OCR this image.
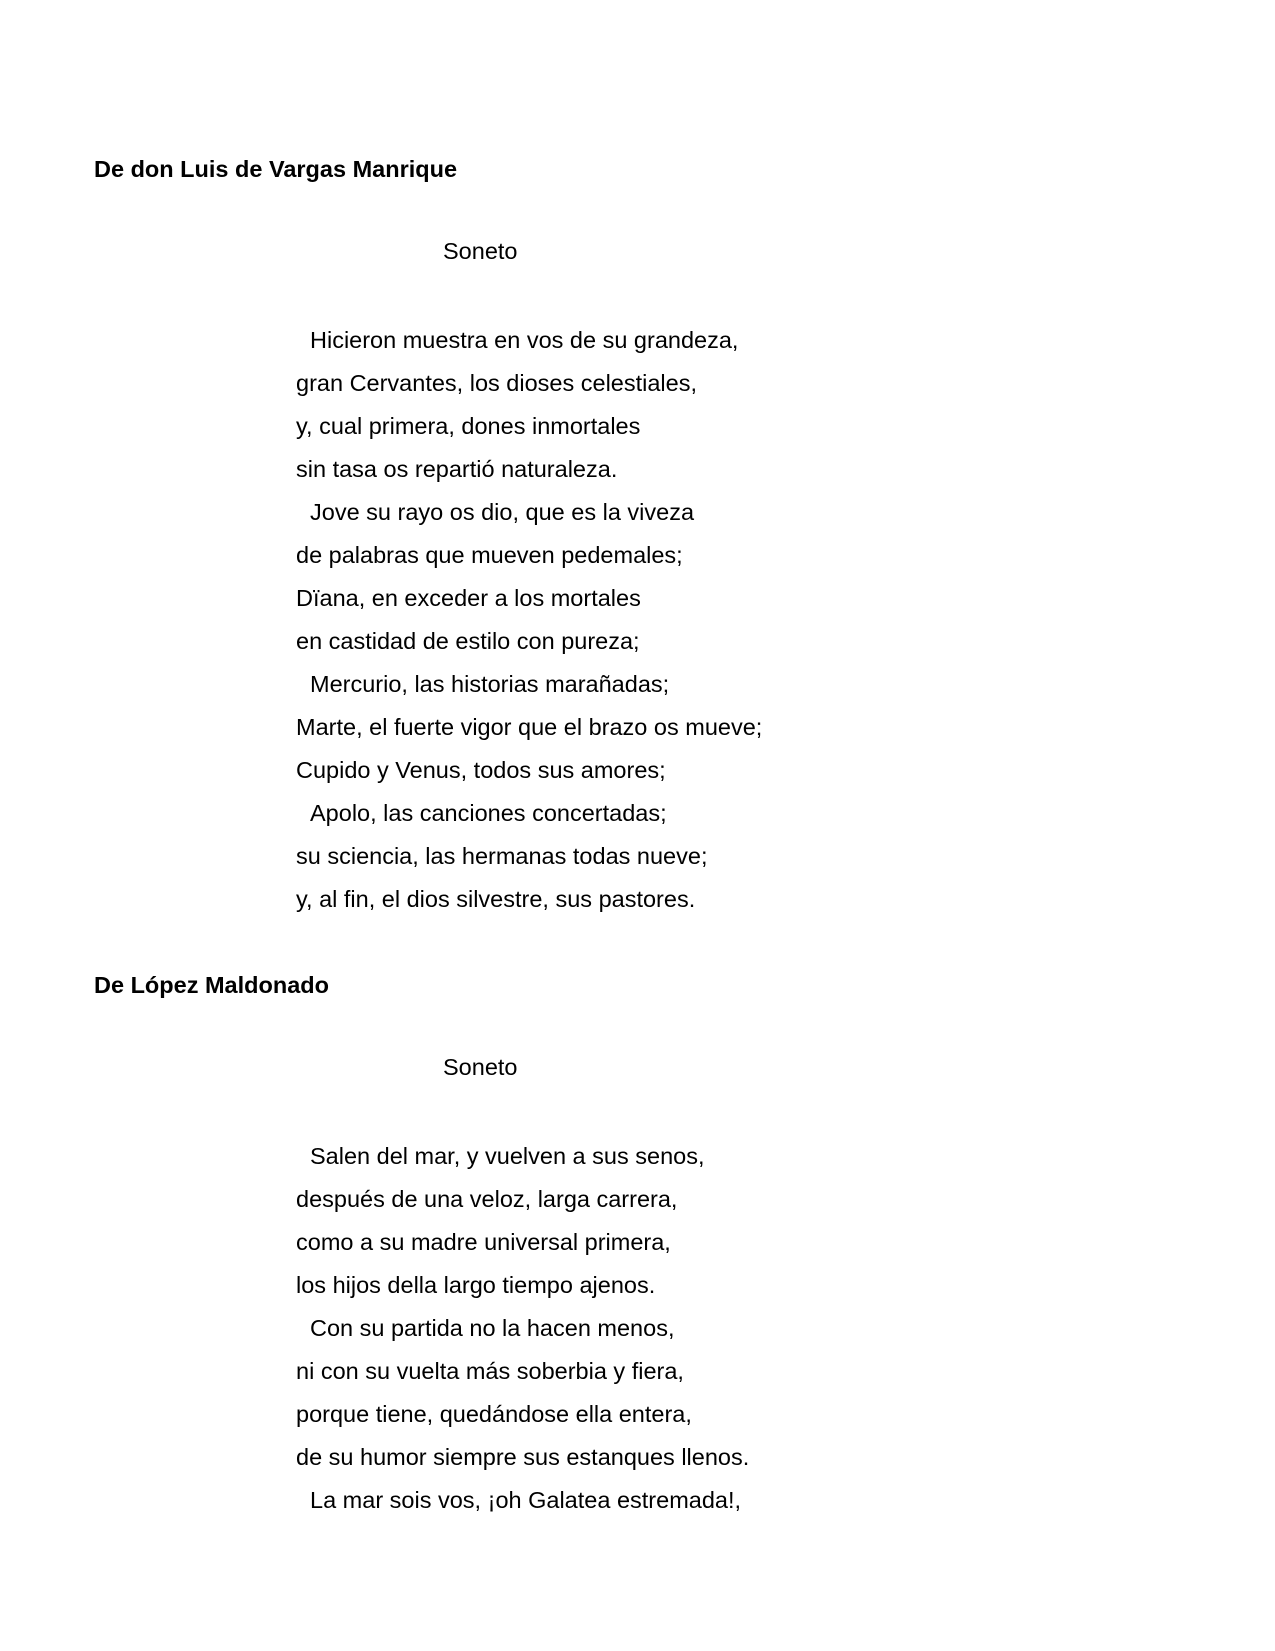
De don Luis de Vargas Manrique
Soneto
Hicieron muestra en vos de su grandeza,
gran Cervantes, los dioses celestiales,
y, cual primera, dones inmortales
sin tasa os repartió naturaleza.
Jove su rayo os dio, que es la viveza
de palabras que mueven pedemales;
Dïana, en exceder a los mortales
en castidad de estilo con pureza;
Mercurio, las historias marañadas;
Marte, el fuerte vigor que el brazo os mueve;
Cupido y Venus, todos sus amores;
Apolo, las canciones concertadas;
su sciencia, las hermanas todas nueve;
y, al fin, el dios silvestre, sus pastores.
De López Maldonado
Soneto
Salen del mar, y vuelven a sus senos,
después de una veloz, larga carrera,
como a su madre universal primera,
los hijos della largo tiempo ajenos.
Con su partida no la hacen menos,
ni con su vuelta más soberbia y fiera,
porque tiene, quedándose ella entera,
de su humor siempre sus estanques llenos.
La mar sois vos, ¡oh Galatea estremada!,
